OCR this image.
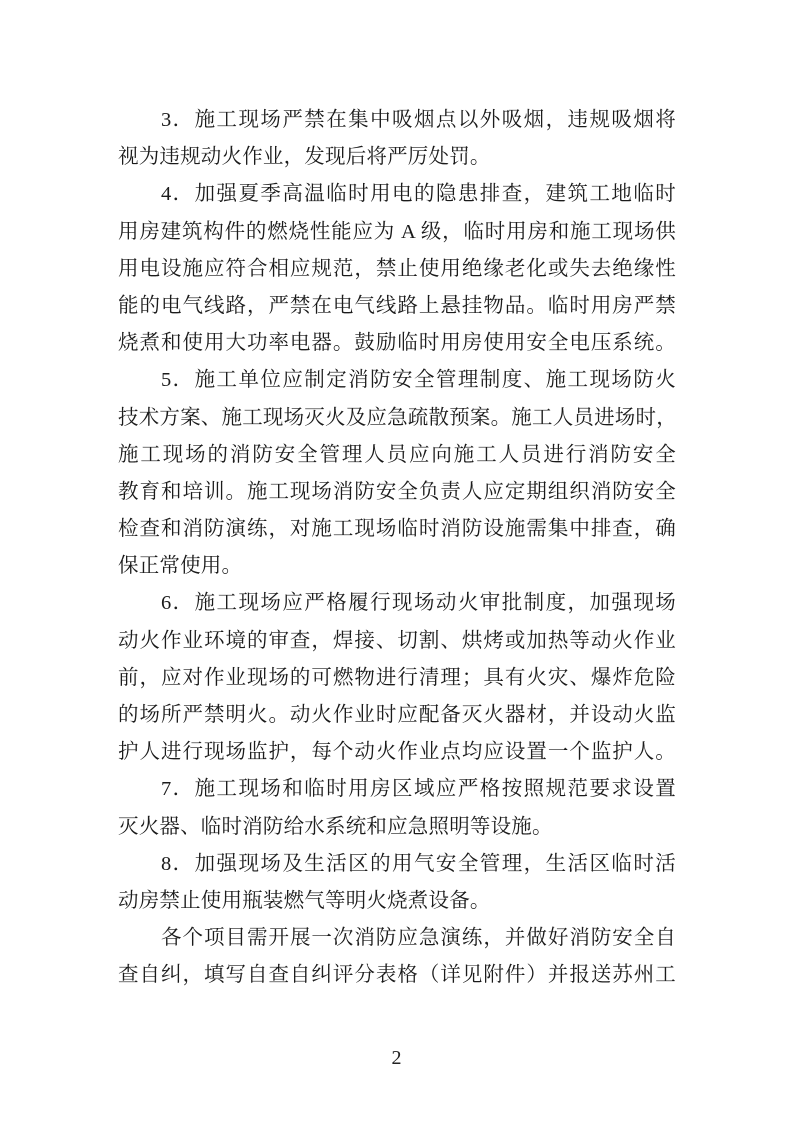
3．施工现场严禁在集中吸烟点以外吸烟，违规吸烟将
视为违规动火作业，发现后将严厉处罚。
4．加强夏季高温临时用电的隐患排查，建筑工地临时
用房建筑构件的燃烧性能应为 A 级，临时用房和施工现场供
用电设施应符合相应规范，禁止使用绝缘老化或失去绝缘性
能的电气线路，严禁在电气线路上悬挂物品。临时用房严禁
烧煮和使用大功率电器。鼓励临时用房使用安全电压系统。
5．施工单位应制定消防安全管理制度、施工现场防火
技术方案、施工现场灭火及应急疏散预案。施工人员进场时，
施工现场的消防安全管理人员应向施工人员进行消防安全
教育和培训。施工现场消防安全负责人应定期组织消防安全
检查和消防演练，对施工现场临时消防设施需集中排查，确
保正常使用。
6．施工现场应严格履行现场动火审批制度，加强现场
动火作业环境的审查，焊接、切割、烘烤或加热等动火作业
前，应对作业现场的可燃物进行清理；具有火灾、爆炸危险
的场所严禁明火。动火作业时应配备灭火器材，并设动火监
护人进行现场监护，每个动火作业点均应设置一个监护人。
7．施工现场和临时用房区域应严格按照规范要求设置
灭火器、临时消防给水系统和应急照明等设施。
8．加强现场及生活区的用气安全管理，生活区临时活
动房禁止使用瓶装燃气等明火烧煮设备。
各个项目需开展一次消防应急演练，并做好消防安全自
查自纠，填写自查自纠评分表格（详见附件）并报送苏州工
2
